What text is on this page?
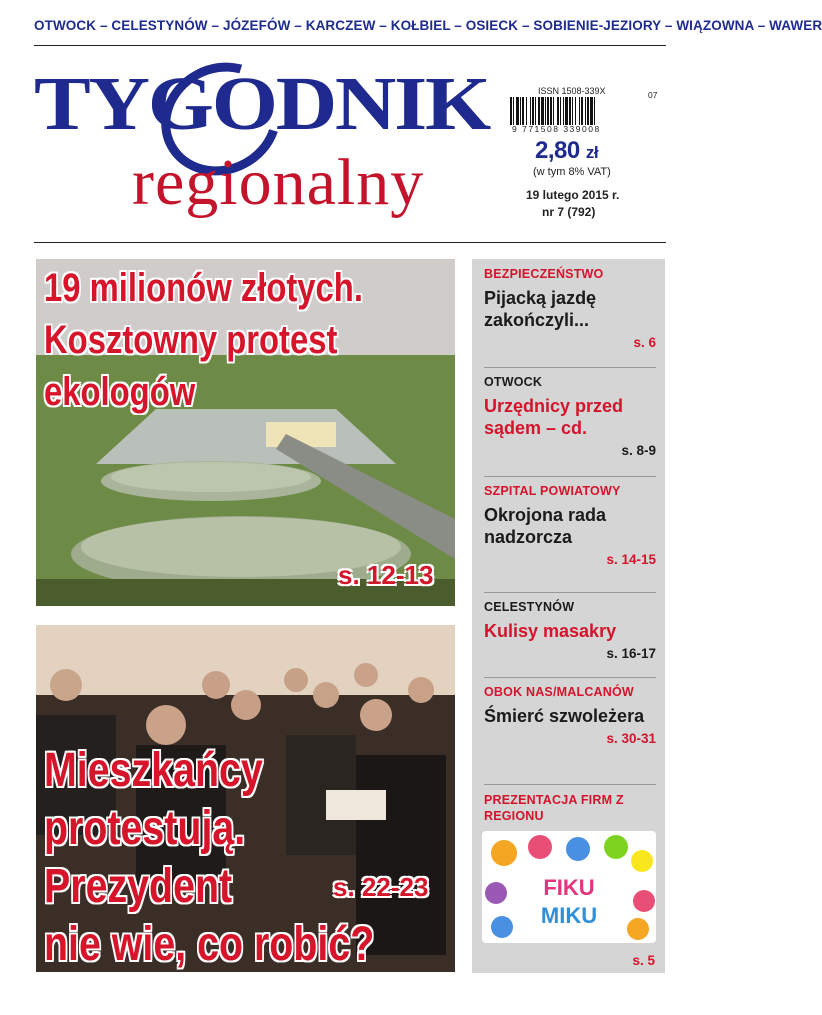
OTWOCK – CELESTYNÓW – JÓZEFÓW – KARCZEW – KOŁBIEL – OSIECK – SOBIENIE-JEZIORY – WIĄZOWNA – WAWER
TYGODNIK
regionalny
ISSN 1508-339X
9 771508 339008
07
2,80 zł
(w tym 8% VAT)
19 lutego 2015 r.
nr 7 (792)
19 milionów złotych.
Kosztowny protest
ekologów
s. 12-13
Mieszkańcy
protestują.
Prezydent
nie wie, co robić?
s. 22-23
BEZPIECZEŃSTWO
Pijacką jazdę zakończyli...
s. 6
OTWOCK
Urzędnicy przed sądem – cd.
s. 8-9
SZPITAL POWIATOWY
Okrojona rada nadzorcza
s. 14-15
CELESTYNÓW
Kulisy masakry
s. 16-17
OBOK NAS/MALCANÓW
Śmierć szwoleżera
s. 30-31
PREZENTACJA FIRM Z REGIONU
FIKU
MIKU
s. 5
